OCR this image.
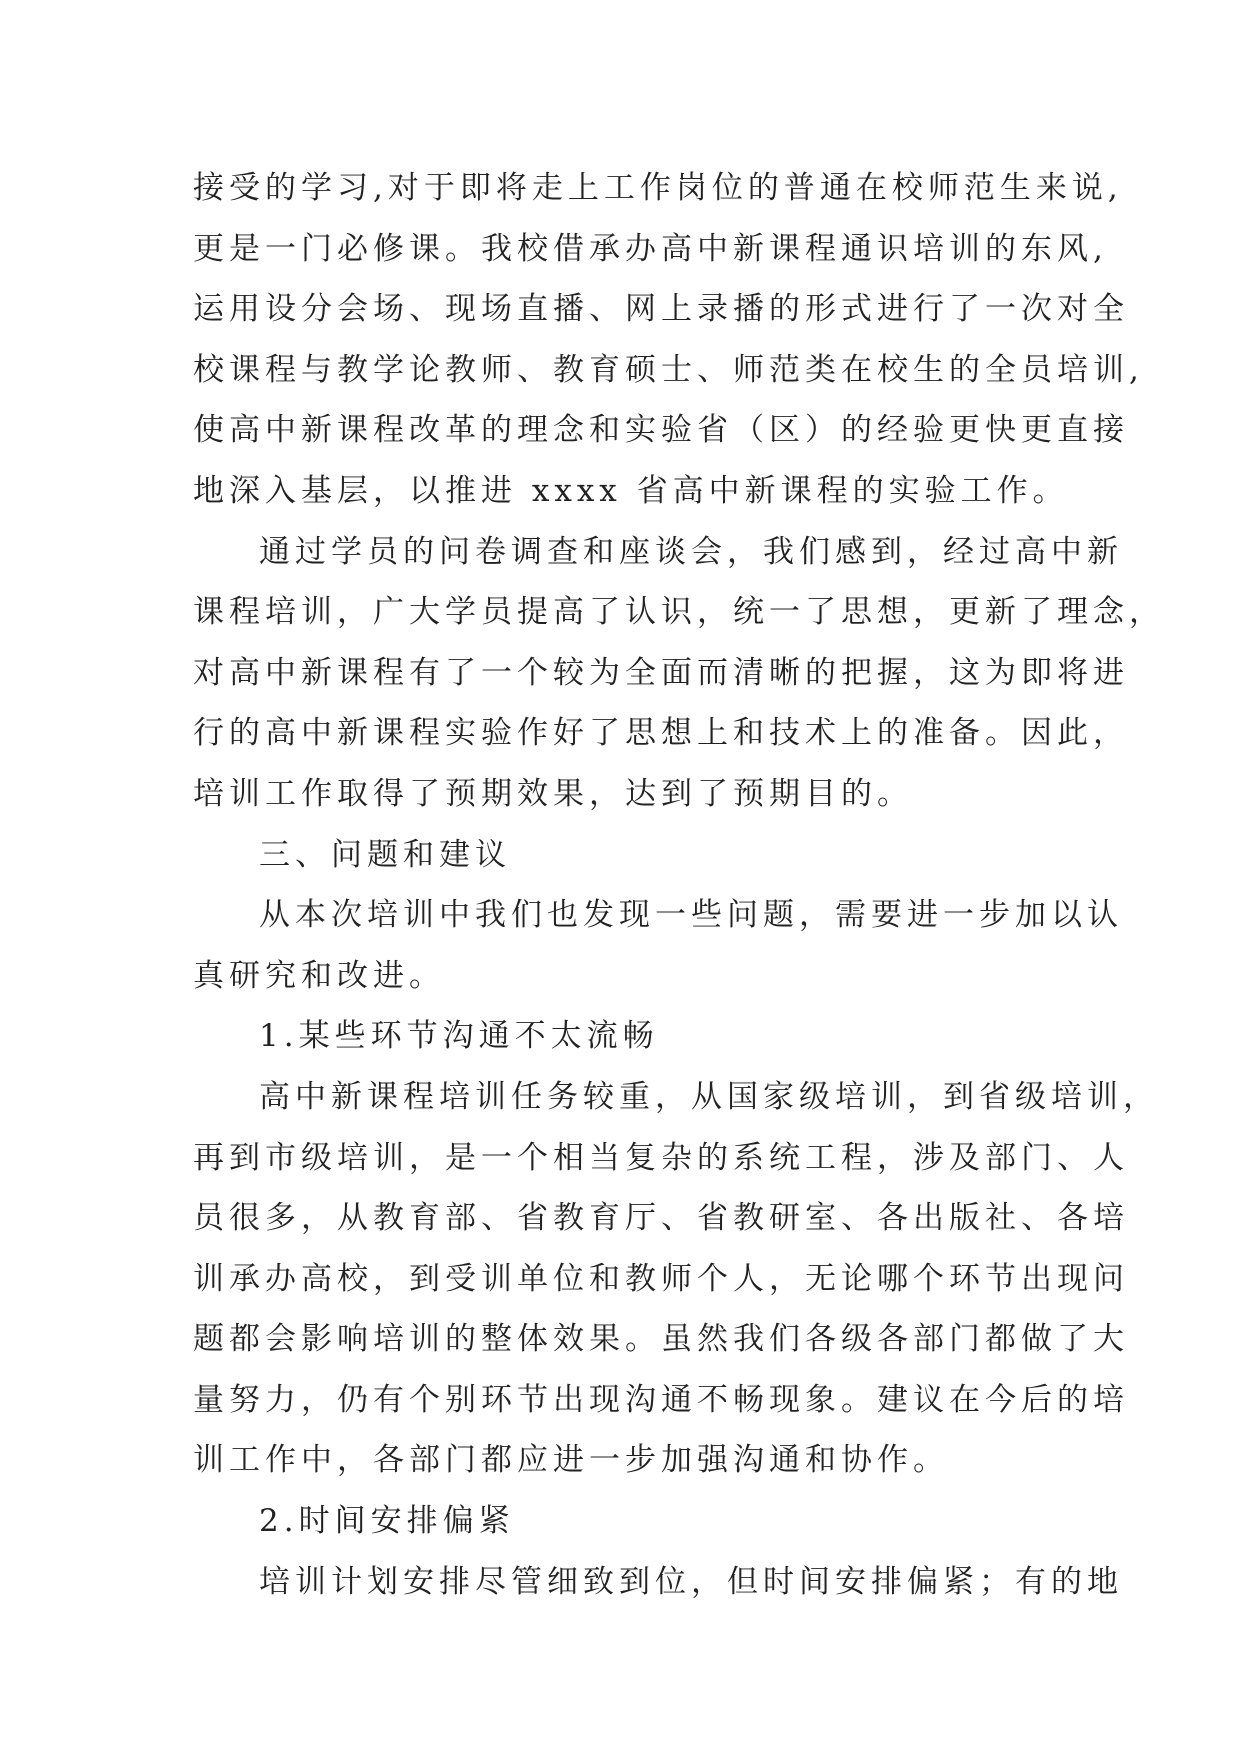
接受的学习,对于即将走上工作岗位的普通在校师范生来说,
更是一门必修课。我校借承办高中新课程通识培训的东风,
运用设分会场、现场直播、网上录播的形式进行了一次对全
校课程与教学论教师、教育硕士、师范类在校生的全员培训,
使高中新课程改革的理念和实验省（区）的经验更快更直接
地深入基层，以推进 xxxx 省高中新课程的实验工作。
通过学员的问卷调查和座谈会，我们感到，经过高中新
课程培训，广大学员提高了认识，统一了思想，更新了理念，
对高中新课程有了一个较为全面而清晰的把握，这为即将进
行的高中新课程实验作好了思想上和技术上的准备。因此，
培训工作取得了预期效果，达到了预期目的。
三、问题和建议
从本次培训中我们也发现一些问题，需要进一步加以认
真研究和改进。
1.某些环节沟通不太流畅
高中新课程培训任务较重，从国家级培训，到省级培训，
再到市级培训，是一个相当复杂的系统工程，涉及部门、人
员很多，从教育部、省教育厅、省教研室、各出版社、各培
训承办高校，到受训单位和教师个人，无论哪个环节出现问
题都会影响培训的整体效果。虽然我们各级各部门都做了大
量努力，仍有个别环节出现沟通不畅现象。建议在今后的培
训工作中，各部门都应进一步加强沟通和协作。
2.时间安排偏紧
培训计划安排尽管细致到位，但时间安排偏紧；有的地
